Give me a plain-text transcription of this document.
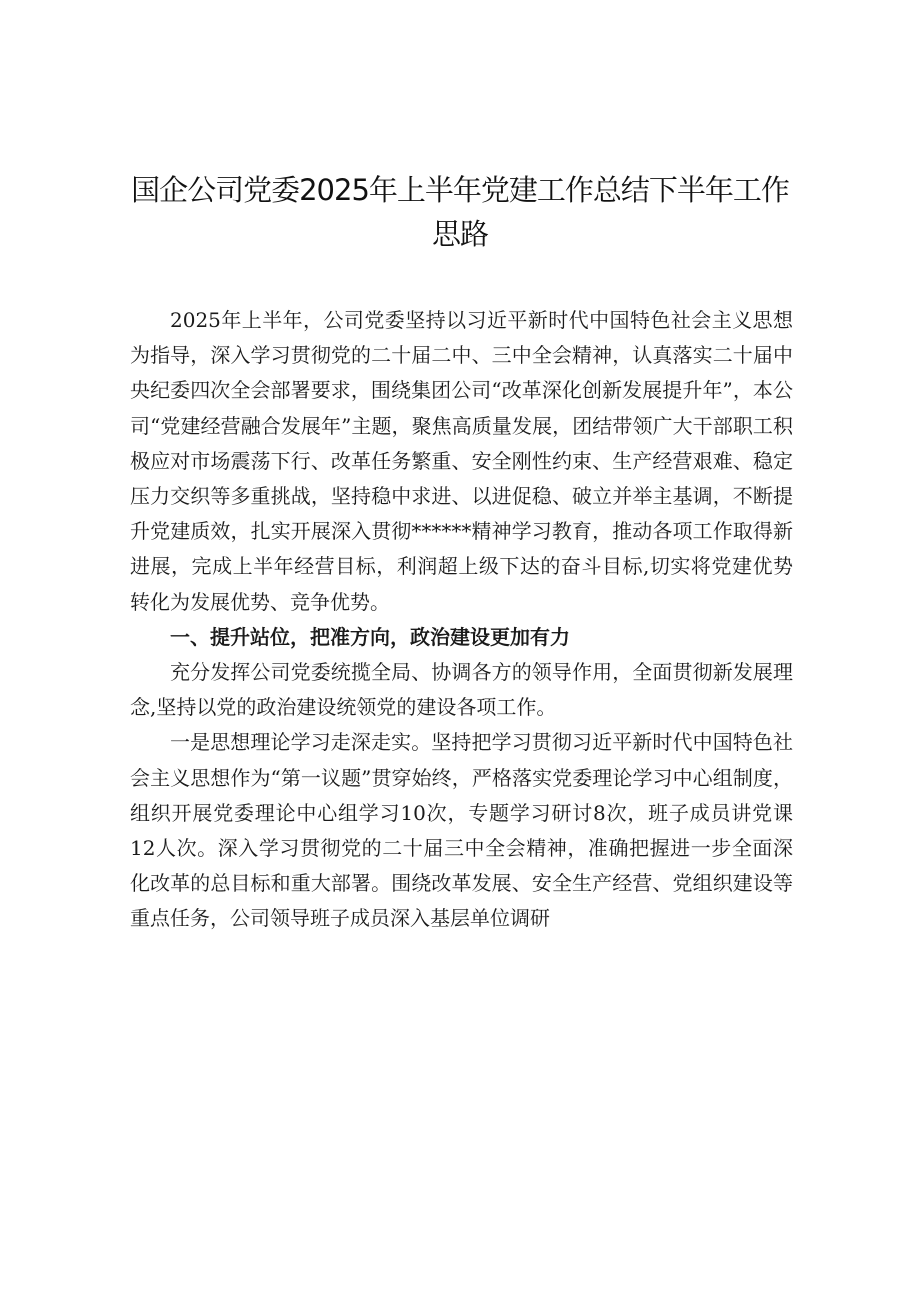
国企公司党委2025年上半年党建工作总结下半年工作思路

2025年上半年，公司党委坚持以习近平新时代中国特色社会主义思想为指导，深入学习贯彻党的二十届二中、三中全会精神，认真落实二十届中央纪委四次全会部署要求，围绕集团公司“改革深化创新发展提升年”，本公司“党建经营融合发展年”主题，聚焦高质量发展，团结带领广大干部职工积极应对市场震荡下行、改革任务繁重、安全刚性约束、生产经营艰难、稳定压力交织等多重挑战，坚持稳中求进、以进促稳、破立并举主基调，不断提升党建质效，扎实开展深入贯彻******精神学习教育，推动各项工作取得新进展，完成上半年经营目标，利润超上级下达的奋斗目标,切实将党建优势转化为发展优势、竞争优势。

一、提升站位，把准方向，政治建设更加有力

充分发挥公司党委统揽全局、协调各方的领导作用，全面贯彻新发展理念,坚持以党的政治建设统领党的建设各项工作。

一是思想理论学习走深走实。坚持把学习贯彻习近平新时代中国特色社会主义思想作为“第一议题”贯穿始终，严格落实党委理论学习中心组制度，组织开展党委理论中心组学习10次，专题学习研讨8次，班子成员讲党课12人次。深入学习贯彻党的二十届三中全会精神，准确把握进一步全面深化改革的总目标和重大部署。围绕改革发展、安全生产经营、党组织建设等重点任务，公司领导班子成员深入基层单位调研
